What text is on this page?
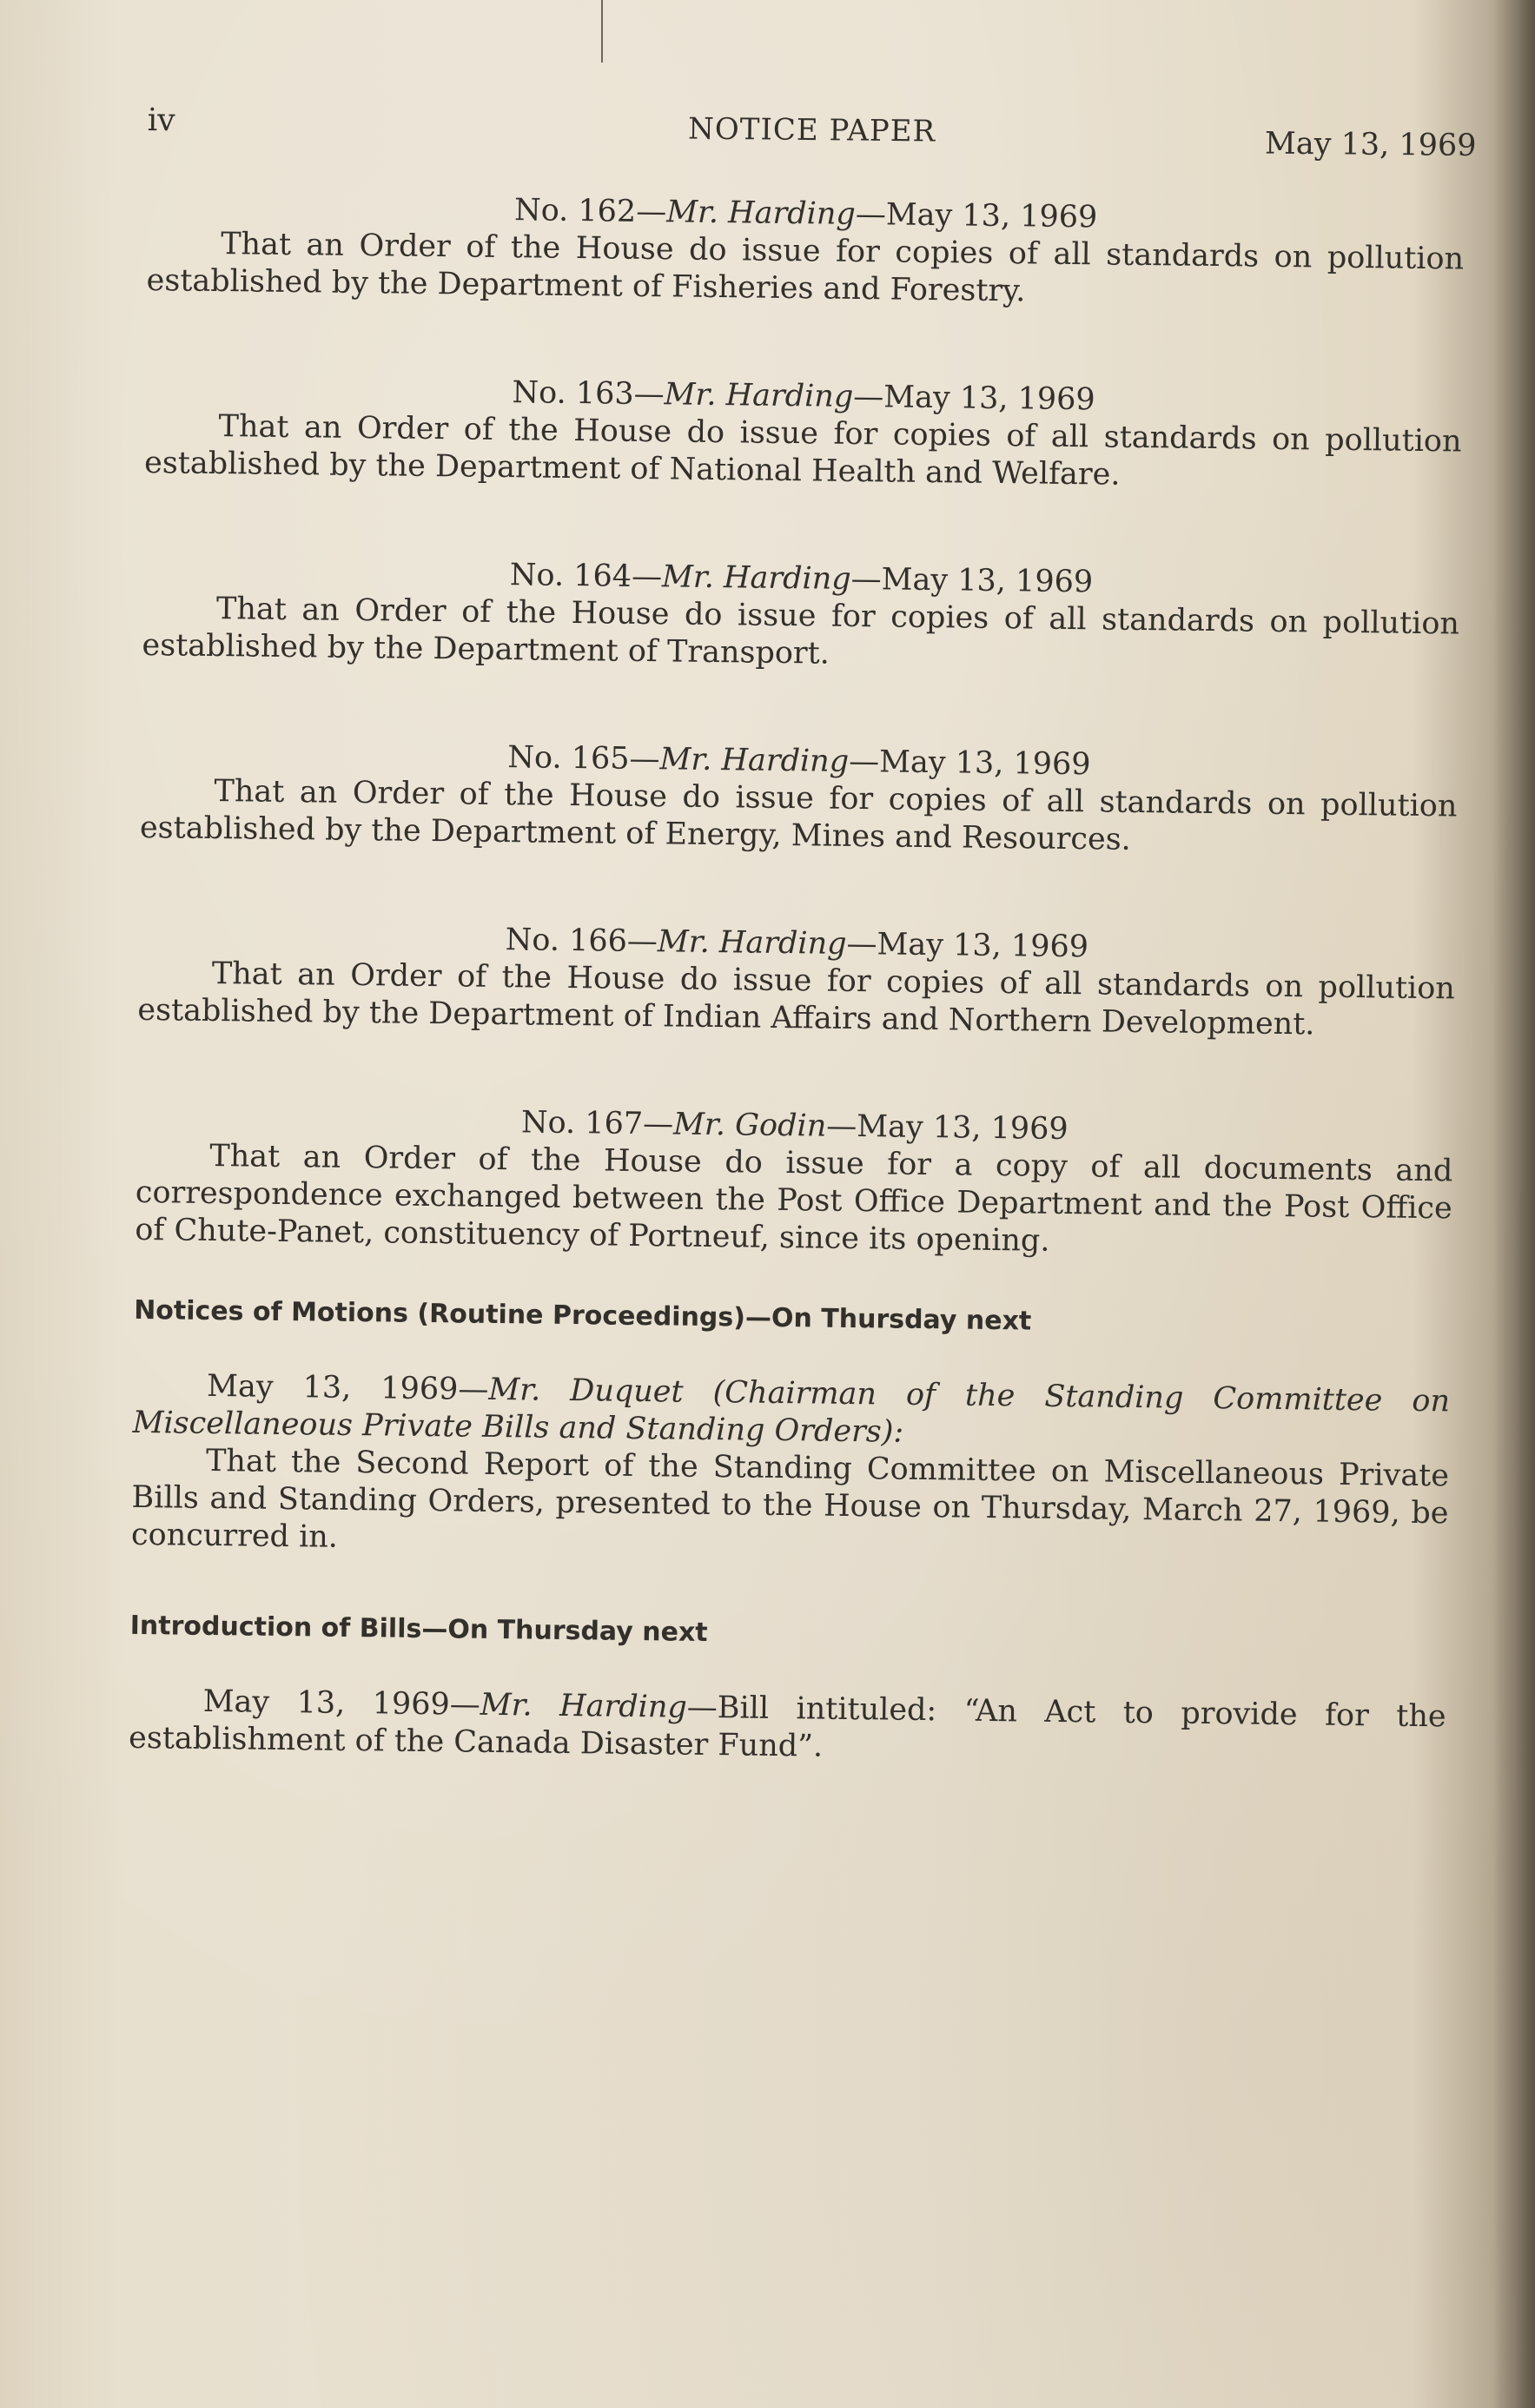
iv	NOTICE PAPER	May 13, 1969
No. 162—Mr. Harding—May 13, 1969

That an Order of the House do issue for copies of all standards on pollution established by the Department of Fisheries and Forestry.

No. 163—Mr. Harding—May 13, 1969

That an Order of the House do issue for copies of all standards on pollution established by the Department of National Health and Welfare.

No. 164—Mr. Harding—May 13, 1969

That an Order of the House do issue for copies of all standards on pollution established by the Department of Transport.

No. 165—Mr. Harding—May 13, 1969

That an Order of the House do issue for copies of all standards on pollution established by the Department of Energy, Mines and Resources.

No. 166—Mr. Harding—May 13, 1969

That an Order of the House do issue for copies of all standards on pollution established by the Department of Indian Affairs and Northern Development.

No. 167—Mr. Godin—May 13, 1969

That an Order of the House do issue for a copy of all documents and correspondence exchanged between the Post Office Department and the Post Office of Chute-Panet, constituency of Portneuf, since its opening.

Notices of Motions (Routine Proceedings)—On Thursday next

May 13, 1969—Mr. Duquet (Chairman of the Standing Committee on Miscellaneous Private Bills and Standing Orders):

That the Second Report of the Standing Committee on Miscellaneous Private Bills and Standing Orders, presented to the House on Thursday, March 27, 1969, be concurred in.

Introduction of Bills—On Thursday next

May 13, 1969—Mr. Harding—Bill intituled: “An Act to provide for the establishment of the Canada Disaster Fund”.
